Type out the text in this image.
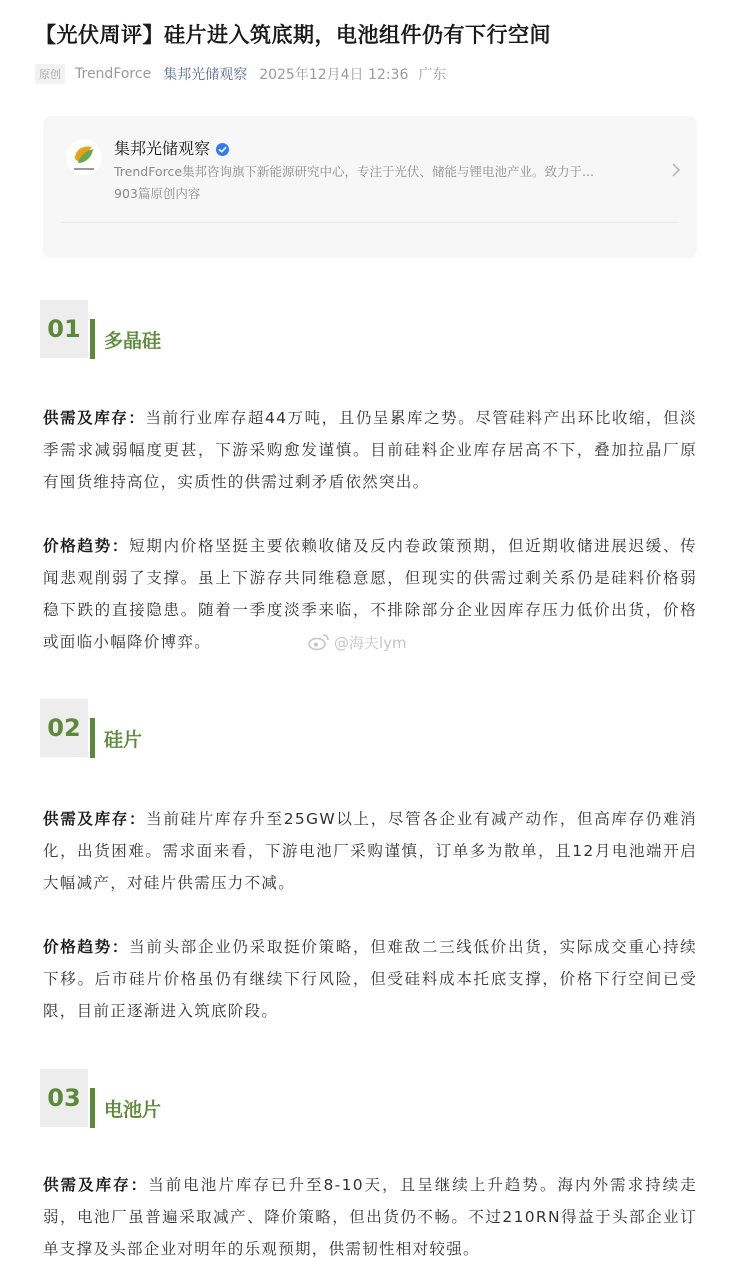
【光伏周评】硅片进入筑底期，电池组件仍有下行空间
原创 TrendForce 集邦光储观察 2025年12月4日 12:36 广东
集邦光储观察
TrendForce集邦咨询旗下新能源研究中心，专注于光伏、储能与锂电池产业。致力于...
903篇原创内容
01	多晶硅
供需及库存：当前行业库存超44万吨，且仍呈累库之势。尽管硅料产出环比收缩，但淡季需求减弱幅度更甚，下游采购愈发谨慎。目前硅料企业库存居高不下，叠加拉晶厂原有囤货维持高位，实质性的供需过剩矛盾依然突出。
价格趋势：短期内价格坚挺主要依赖收储及反内卷政策预期，但近期收储进展迟缓、传闻悲观削弱了支撑。虽上下游存共同维稳意愿，但现实的供需过剩关系仍是硅料价格弱稳下跌的直接隐患。随着一季度淡季来临，不排除部分企业因库存压力低价出货，价格或面临小幅降价博弈。	@海夫lym
02	硅片
供需及库存：当前硅片库存升至25GW以上，尽管各企业有减产动作，但高库存仍难消化，出货困难。需求面来看，下游电池厂采购谨慎，订单多为散单，且12月电池端开启大幅减产，对硅片供需压力不减。
价格趋势：当前头部企业仍采取挺价策略，但难敌二三线低价出货，实际成交重心持续下移。后市硅片价格虽仍有继续下行风险，但受硅料成本托底支撑，价格下行空间已受限，目前正逐渐进入筑底阶段。
03	电池片
供需及库存：当前电池片库存已升至8-10天，且呈继续上升趋势。海内外需求持续走弱，电池厂虽普遍采取减产、降价策略，但出货仍不畅。不过210RN得益于头部企业订单支撑及头部企业对明年的乐观预期，供需韧性相对较强。
